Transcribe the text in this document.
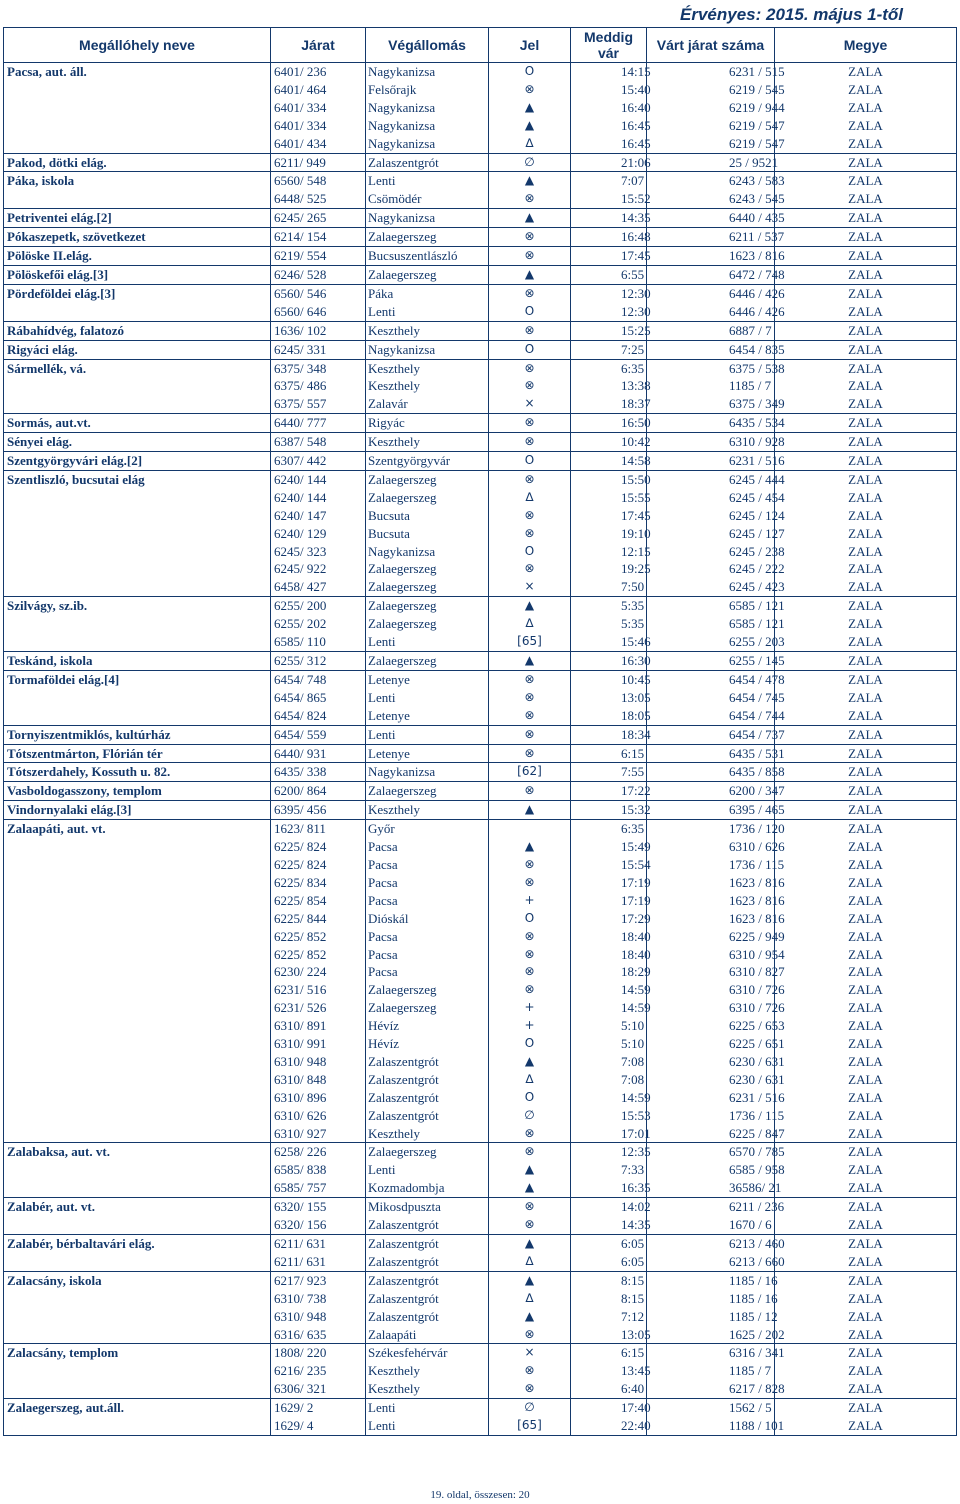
Érvényes: 2015. május 1-től
Megállóhely neve	Járat	Végállomás	Jel	Meddig
vár	Várt járat száma	Megye
Pacsa, aut. áll.	6401/ 236	Nagykanizsa	O	14:15	6231 / 515	ZALA
	6401/ 464	Felsőrajk	⊗	15:40	6219 / 545	ZALA
	6401/ 334	Nagykanizsa	▲	16:40	6219 / 944	ZALA
	6401/ 334	Nagykanizsa	▲	16:45	6219 / 547	ZALA
	6401/ 434	Nagykanizsa	∆	16:45	6219 / 547	ZALA
Pakod, dötki elág.	6211/ 949	Zalaszentgrót	∅	21:06	25 / 9521	ZALA
Páka, iskola	6560/ 548	Lenti	▲	7:07	6243 / 583	ZALA
	6448/ 525	Csömödér	⊗	15:52	6243 / 545	ZALA
Petriventei elág.[2]	6245/ 265	Nagykanizsa	▲	14:35	6440 / 435	ZALA
Pókaszepetk, szövetkezet	6214/ 154	Zalaegerszeg	⊗	16:48	6211 / 537	ZALA
Pölöske II.elág.	6219/ 554	Bucsuszentlászló	⊗	17:45	1623 / 816	ZALA
Pölöskefői elág.[3]	6246/ 528	Zalaegerszeg	▲	6:55	6472 / 748	ZALA
Pördeföldei elág.[3]	6560/ 546	Páka	⊗	12:30	6446 / 426	ZALA
	6560/ 646	Lenti	O	12:30	6446 / 426	ZALA
Rábahídvég, falatozó	1636/ 102	Keszthely	⊗	15:25	6887 / 7	ZALA
Rigyáci elág.	6245/ 331	Nagykanizsa	O	7:25	6454 / 835	ZALA
Sármellék, vá.	6375/ 348	Keszthely	⊗	6:35	6375 / 538	ZALA
	6375/ 486	Keszthely	⊗	13:38	1185 / 7	ZALA
	6375/ 557	Zalavár	×	18:37	6375 / 349	ZALA
Sormás, aut.vt.	6440/ 777	Rigyác	⊗	16:50	6435 / 534	ZALA
Sényei elág.	6387/ 548	Keszthely	⊗	10:42	6310 / 928	ZALA
Szentgyörgyvári elág.[2]	6307/ 442	Szentgyörgyvár	O	14:58	6231 / 516	ZALA
Szentliszló, bucsutai elág	6240/ 144	Zalaegerszeg	⊗	15:50	6245 / 444	ZALA
	6240/ 144	Zalaegerszeg	∆	15:55	6245 / 454	ZALA
	6240/ 147	Bucsuta	⊗	17:45	6245 / 124	ZALA
	6240/ 129	Bucsuta	⊗	19:10	6245 / 127	ZALA
	6245/ 323	Nagykanizsa	O	12:15	6245 / 238	ZALA
	6245/ 922	Zalaegerszeg	⊗	19:25	6245 / 222	ZALA
	6458/ 427	Zalaegerszeg	×	7:50	6245 / 423	ZALA
Szilvágy, sz.ib.	6255/ 200	Zalaegerszeg	▲	5:35	6585 / 121	ZALA
	6255/ 202	Zalaegerszeg	∆	5:35	6585 / 121	ZALA
	6585/ 110	Lenti	[65]	15:46	6255 / 203	ZALA
Teskánd, iskola	6255/ 312	Zalaegerszeg	▲	16:30	6255 / 145	ZALA
Tormaföldei elág.[4]	6454/ 748	Letenye	⊗	10:45	6454 / 478	ZALA
	6454/ 865	Lenti	⊗	13:05	6454 / 745	ZALA
	6454/ 824	Letenye	⊗	18:05	6454 / 744	ZALA
Tornyiszentmiklós, kultúrház	6454/ 559	Lenti	⊗	18:34	6454 / 737	ZALA
Tótszentmárton, Flórián tér	6440/ 931	Letenye	⊗	6:15	6435 / 531	ZALA
Tótszerdahely, Kossuth u. 82.	6435/ 338	Nagykanizsa	[62]	7:55	6435 / 858	ZALA
Vasboldogasszony, templom	6200/ 864	Zalaegerszeg	⊗	17:22	6200 / 347	ZALA
Vindornyalaki elág.[3]	6395/ 456	Keszthely	▲	15:32	6395 / 465	ZALA
Zalaapáti, aut. vt.	1623/ 811	Győr		6:35	1736 / 120	ZALA
	6225/ 824	Pacsa	▲	15:49	6310 / 626	ZALA
	6225/ 824	Pacsa	⊗	15:54	1736 / 115	ZALA
	6225/ 834	Pacsa	⊗	17:19	1623 / 816	ZALA
	6225/ 854	Pacsa	+	17:19	1623 / 816	ZALA
	6225/ 844	Dióskál	O	17:29	1623 / 816	ZALA
	6225/ 852	Pacsa	⊗	18:40	6225 / 949	ZALA
	6225/ 852	Pacsa	⊗	18:40	6310 / 954	ZALA
	6230/ 224	Pacsa	⊗	18:29	6310 / 827	ZALA
	6231/ 516	Zalaegerszeg	⊗	14:59	6310 / 726	ZALA
	6231/ 526	Zalaegerszeg	+	14:59	6310 / 726	ZALA
	6310/ 891	Hévíz	+	5:10	6225 / 653	ZALA
	6310/ 991	Hévíz	O	5:10	6225 / 651	ZALA
	6310/ 948	Zalaszentgrót	▲	7:08	6230 / 631	ZALA
	6310/ 848	Zalaszentgrót	∆	7:08	6230 / 631	ZALA
	6310/ 896	Zalaszentgrót	O	14:59	6231 / 516	ZALA
	6310/ 626	Zalaszentgrót	∅	15:53	1736 / 115	ZALA
	6310/ 927	Keszthely	⊗	17:01	6225 / 847	ZALA
Zalabaksa, aut. vt.	6258/ 226	Zalaegerszeg	⊗	12:35	6570 / 785	ZALA
	6585/ 838	Lenti	▲	7:33	6585 / 958	ZALA
	6585/ 757	Kozmadombja	▲	16:35	36586/ 21	ZALA
Zalabér, aut. vt.	6320/ 155	Mikosdpuszta	⊗	14:02	6211 / 236	ZALA
	6320/ 156	Zalaszentgrót	⊗	14:35	1670 / 6	ZALA
Zalabér, bérbaltavári elág.	6211/ 631	Zalaszentgrót	▲	6:05	6213 / 460	ZALA
	6211/ 631	Zalaszentgrót	∆	6:05	6213 / 660	ZALA
Zalacsány, iskola	6217/ 923	Zalaszentgrót	▲	8:15	1185 / 16	ZALA
	6310/ 738	Zalaszentgrót	∆	8:15	1185 / 16	ZALA
	6310/ 948	Zalaszentgrót	▲	7:12	1185 / 12	ZALA
	6316/ 635	Zalaapáti	⊗	13:05	1625 / 202	ZALA
Zalacsány, templom	1808/ 220	Székesfehérvár	×	6:15	6316 / 341	ZALA
	6216/ 235	Keszthely	⊗	13:45	1185 / 7	ZALA
	6306/ 321	Keszthely	⊗	6:40	6217 / 828	ZALA
Zalaegerszeg, aut.áll.	1629/ 2	Lenti	∅	17:40	1562 / 5	ZALA
	1629/ 4	Lenti	[65]	22:40	1188 / 101	ZALA
19. oldal, összesen: 20
